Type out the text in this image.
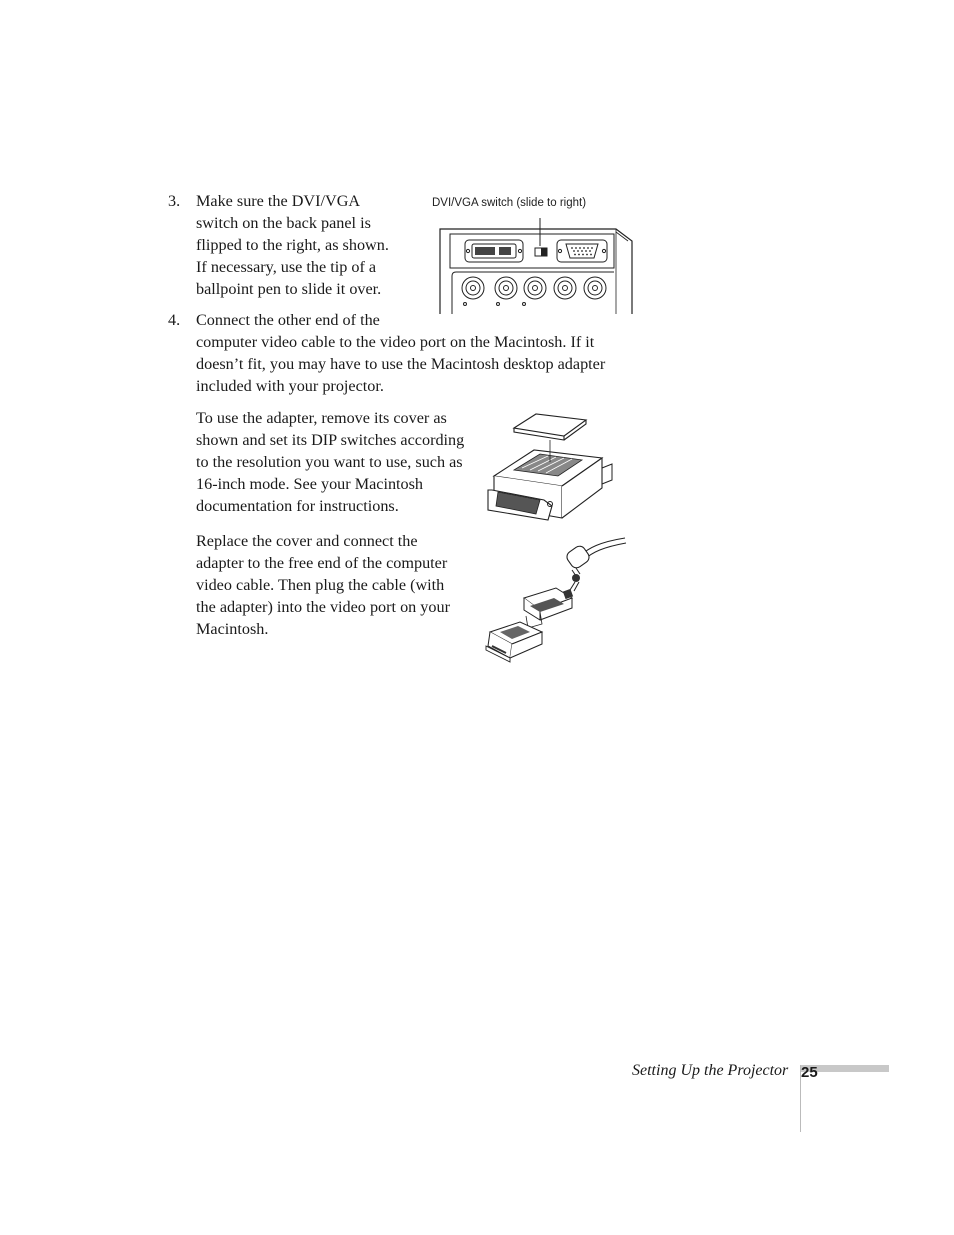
3. Make sure the DVI/VGA
switch on the back panel is
flipped to the right, as shown.
If necessary, use the tip of a
ballpoint pen to slide it over.
4. Connect the other end of the
computer video cable to the video port on the Macintosh. If it
doesn’t fit, you may have to use the Macintosh desktop adapter
included with your projector.
DVI/VGA switch (slide to right)
To use the adapter, remove its cover as
shown and set its DIP switches according
to the resolution you want to use, such as
16-inch mode. See your Macintosh
documentation for instructions.
Replace the cover and connect the
adapter to the free end of the computer
video cable. Then plug the cable (with
the adapter) into the video port on your
Macintosh.
Setting Up the Projector 25
